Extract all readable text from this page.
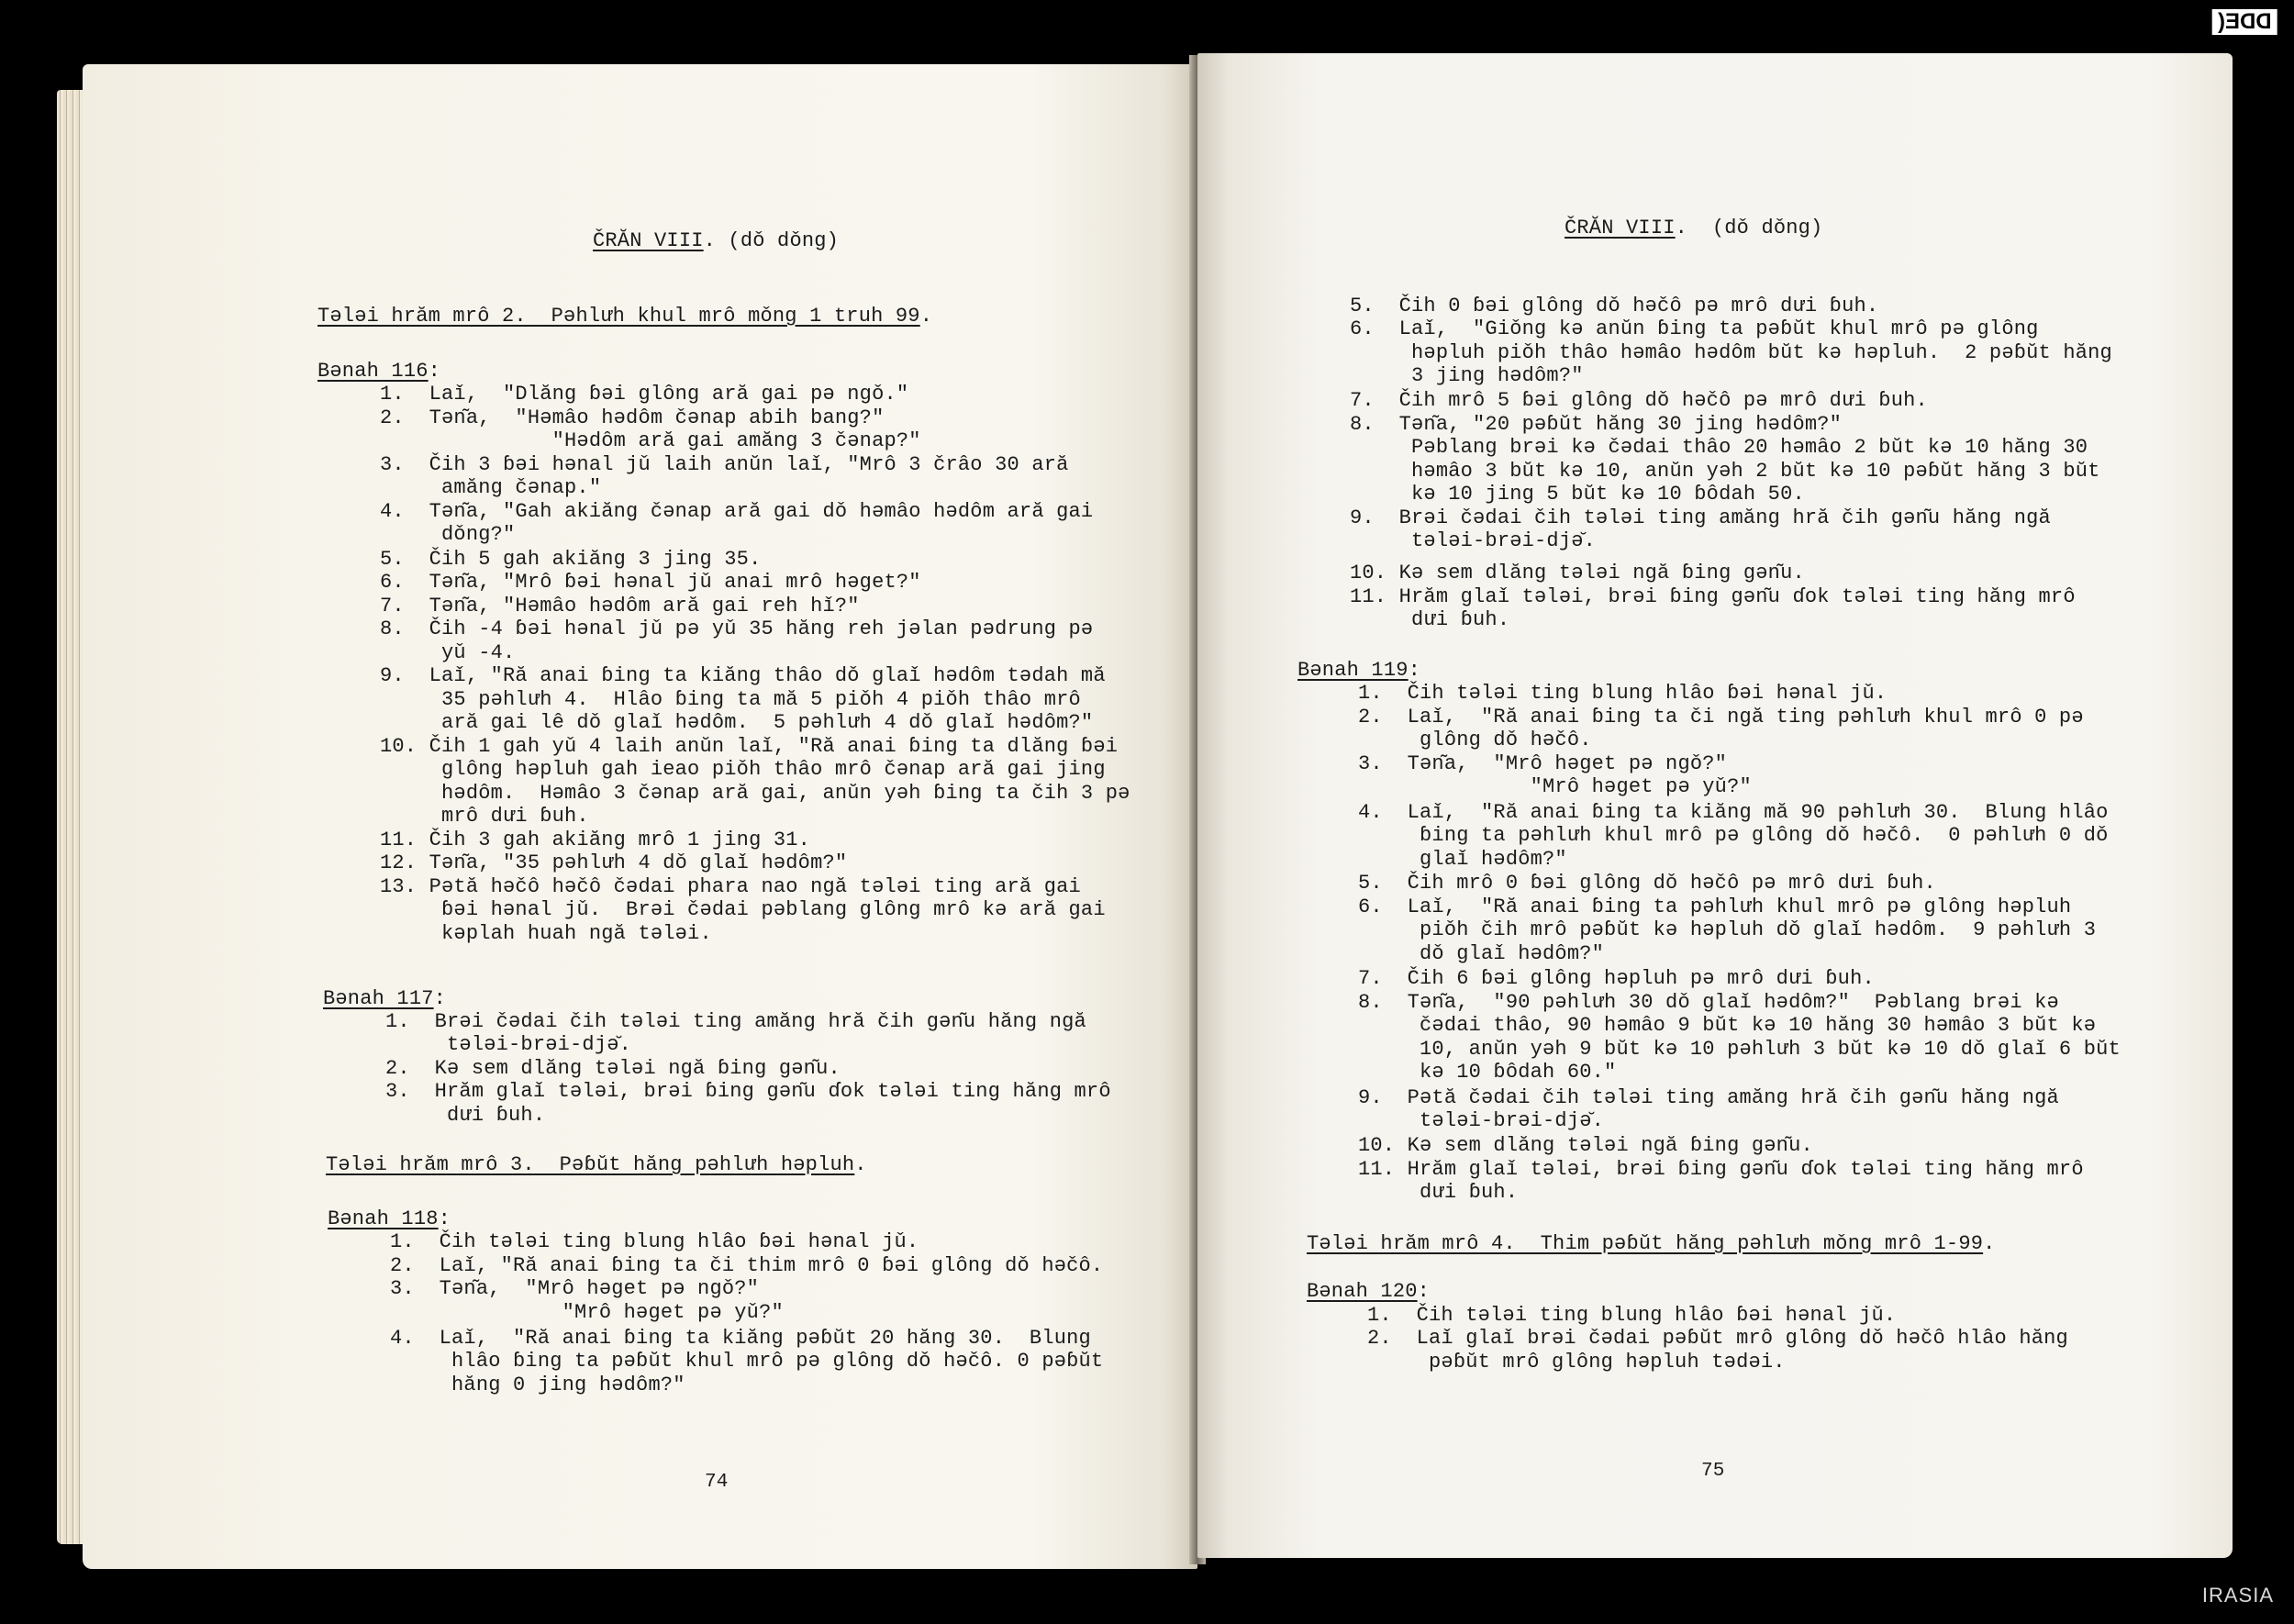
ČRĂN VIII. (dǒ dǒng)
Tǝlǝi hrăm mrô 2.  Pǝhlưh khul mrô mǒng 1 truh 99.
Bǝnah 116:
1.  Laǐ,  "Dlăng ɓǝi glông ară gai pǝ ngǒ."
2.  Tǝn͂a,  "Hǝmâo hǝdôm čǝnap abih bang?"
"Hǝdôm ară gai amăng 3 čǝnap?"
3.  Čih 3 ɓǝi hǝnal jǔ laih anŭn laǐ, "Mrô 3 črâo 30 ară
amăng čǝnap."
4.  Tǝn͂a, "Gah akiăng čǝnap ară gai dǒ hǝmâo hǝdôm ară gai
dǒng?"
5.  Čih 5 gah akiăng 3 jing 35.
6.  Tǝn͂a, "Mrô ɓǝi hǝnal jǔ anai mrô hǝget?"
7.  Tǝn͂a, "Hǝmâo hǝdôm ară gai reh hǐ?"
8.  Čih -4 ɓǝi hǝnal jǔ pǝ yǔ 35 hăng reh jǝlan pǝdrung pǝ
yǔ -4.
9.  Laǐ, "Ră anai ɓing ta kiăng thâo dǒ glaǐ hǝdôm tǝdah mă
35 pǝhlưh 4.  Hlâo ɓing ta mă 5 piǒh 4 piǒh thâo mrô
ară gai lê dǒ glaǐ hǝdôm.  5 pǝhlưh 4 dǒ glaǐ hǝdôm?"
10. Čih 1 gah yǔ 4 laih anŭn laǐ, "Ră anai ɓing ta dlăng ɓǝi
glông hǝpluh gah ieao piǒh thâo mrô čǝnap ară gai jing
hǝdôm.  Hǝmâo 3 čǝnap ară gai, anŭn yǝh ɓing ta čih 3 pǝ
mrô dưi ɓuh.
11. Čih 3 gah akiăng mrô 1 jing 31.
12. Tǝn͂a, "35 pǝhlưh 4 dǒ glaǐ hǝdôm?"
13. Pǝtă hǝčô hǝčô čǝdai phara nao ngă tǝlǝi ting ară gai
ɓǝi hǝnal jǔ.  Brǝi čǝdai pǝblang glông mrô kǝ ară gai
kǝplah huah ngă tǝlǝi.
Bǝnah 117:
1.  Brǝi čǝdai čih tǝlǝi ting amăng hră čih gǝn͂u hăng ngă
tǝlǝi-brǝi-djǝ̆.
2.  Kǝ sem dlăng tǝlǝi ngă ɓing gǝn͂u.
3.  Hrăm glaǐ tǝlǝi, brǝi ɓing gǝn͂u ɗok tǝlǝi ting hăng mrô
dưi ɓuh.
Tǝlǝi hrăm mrô 3.  Pǝɓŭt hăng pǝhlưh hǝpluh.
Bǝnah 118:
1.  Čih tǝlǝi ting blung hlâo ɓǝi hǝnal jǔ.
2.  Laǐ, "Ră anai ɓing ta či thim mrô 0 ɓǝi glông dǒ hǝčô.
3.  Tǝn͂a,  "Mrô hǝget pǝ ngǒ?"
"Mrô hǝget pǝ yǔ?"
4.  Laǐ,  "Ră anai ɓing ta kiăng pǝɓŭt 20 hăng 30.  Blung
hlâo ɓing ta pǝɓŭt khul mrô pǝ glông dǒ hǝčô. 0 pǝɓŭt
hăng 0 jing hǝdôm?"
74
ČRĂN VIII.  (dǒ dǒng)
5.  Čih 0 ɓǝi glông dǒ hǝčô pǝ mrô dưi ɓuh.
6.  Laǐ,  "Giǒng kǝ anŭn ɓing ta pǝɓŭt khul mrô pǝ glông
hǝpluh piǒh thâo hǝmâo hǝdôm bŭt kǝ hǝpluh.  2 pǝɓŭt hăng
3 jing hǝdôm?"
7.  Čih mrô 5 ɓǝi glông dǒ hǝčô pǝ mrô dưi ɓuh.
8.  Tǝn͂a, "20 pǝɓŭt hăng 30 jing hǝdôm?"
Pǝblang brǝi kǝ čǝdai thâo 20 hǝmâo 2 bŭt kǝ 10 hăng 30
hǝmâo 3 bŭt kǝ 10, anŭn yǝh 2 bŭt kǝ 10 pǝɓŭt hăng 3 bŭt
kǝ 10 jing 5 bŭt kǝ 10 ɓôdah 50.
9.  Brǝi čǝdai čih tǝlǝi ting amăng hră čih gǝn͂u hăng ngă
tǝlǝi-brǝi-djǝ̆.
10. Kǝ sem dlăng tǝlǝi ngă ɓing gǝn͂u.
11. Hrăm glaǐ tǝlǝi, brǝi ɓing gǝn͂u ɗok tǝlǝi ting hăng mrô
dưi ɓuh.
Bǝnah 119:
1.  Čih tǝlǝi ting blung hlâo ɓǝi hǝnal jǔ.
2.  Laǐ,  "Ră anai ɓing ta či ngă ting pǝhlưh khul mrô 0 pǝ
glông dǒ hǝčô.
3.  Tǝn͂a,  "Mrô hǝget pǝ ngǒ?"
"Mrô hǝget pǝ yǔ?"
4.  Laǐ,  "Ră anai ɓing ta kiăng mă 90 pǝhlưh 30.  Blung hlâo
ɓing ta pǝhlưh khul mrô pǝ glông dǒ hǝčô.  0 pǝhlưh 0 dǒ
glaǐ hǝdôm?"
5.  Čih mrô 0 ɓǝi glông dǒ hǝčô pǝ mrô dưi ɓuh.
6.  Laǐ,  "Ră anai ɓing ta pǝhlưh khul mrô pǝ glông hǝpluh
piǒh čih mrô pǝɓŭt kǝ hǝpluh dǒ glaǐ hǝdôm.  9 pǝhlưh 3
dǒ glaǐ hǝdôm?"
7.  Čih 6 ɓǝi glông hǝpluh pǝ mrô dưi ɓuh.
8.  Tǝn͂a,  "90 pǝhlưh 30 dǒ glaǐ hǝdôm?"  Pǝblang brǝi kǝ
čǝdai thâo, 90 hǝmâo 9 bŭt kǝ 10 hăng 30 hǝmâo 3 bŭt kǝ
10, anŭn yǝh 9 bŭt kǝ 10 pǝhlưh 3 bŭt kǝ 10 dǒ glaǐ 6 bŭt
kǝ 10 ɓôdah 60."
9.  Pǝtă čǝdai čih tǝlǝi ting amăng hră čih gǝn͂u hăng ngă
tǝlǝi-brǝi-djǝ̆.
10. Kǝ sem dlăng tǝlǝi ngă ɓing gǝn͂u.
11. Hrăm glaǐ tǝlǝi, brǝi ɓing gǝn͂u ɗok tǝlǝi ting hăng mrô
dưi ɓuh.
Tǝlǝi hrăm mrô 4.  Thim pǝɓŭt hăng pǝhlưh mǒng mrô 1-99.
Bǝnah 120:
1.  Čih tǝlǝi ting blung hlâo ɓǝi hǝnal jǔ.
2.  Laǐ glaǐ brǝi čǝdai pǝɓŭt mrô glông dǒ hǝčô hlâo hăng
pǝɓŭt mrô glông hǝpluh tǝdǝi.
75
DDE(
IRASIA
